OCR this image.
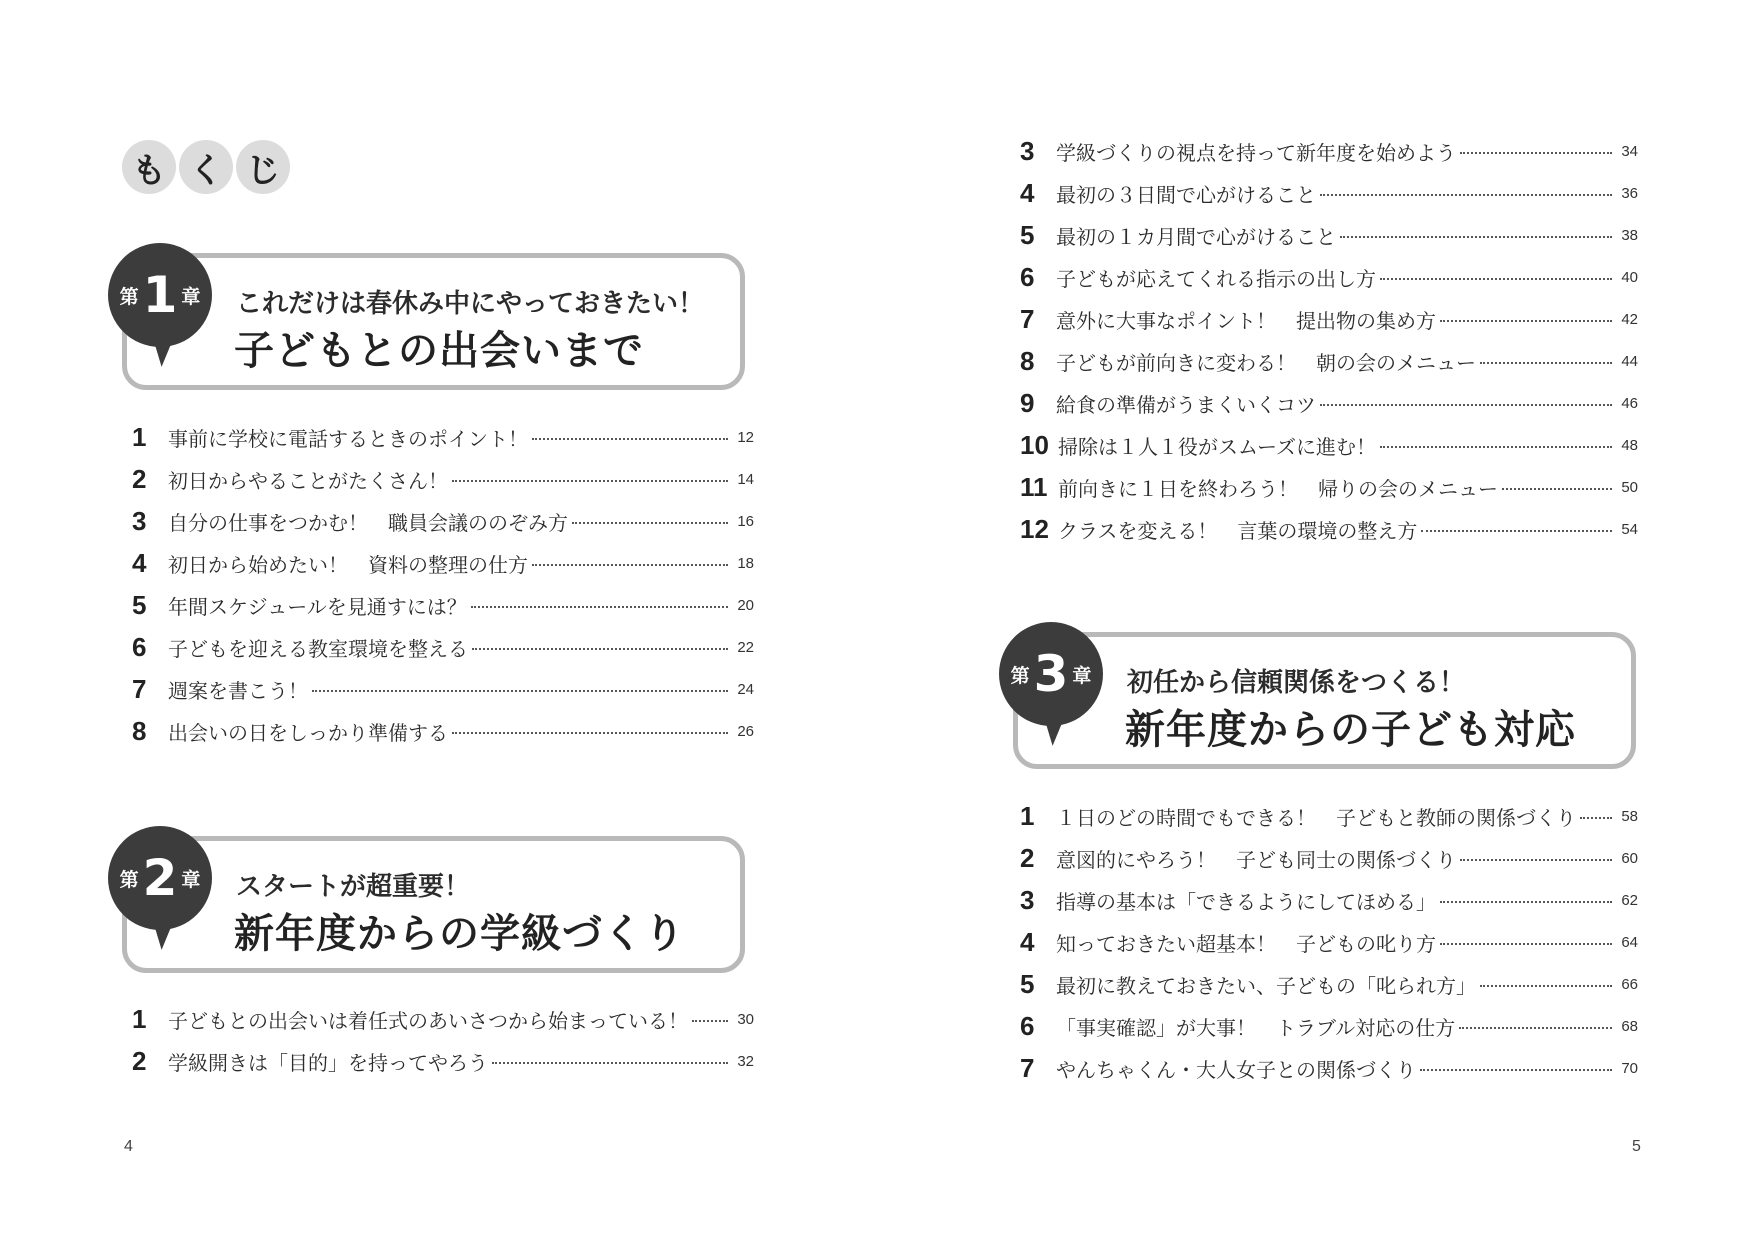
も く じ
第 1 章 これだけは春休み中にやっておきたい！
子どもとの出会いまで
1	事前に学校に電話するときのポイント！	12
2	初日からやることがたくさん！	14
3	自分の仕事をつかむ！　職員会議ののぞみ方	16
4	初日から始めたい！　資料の整理の仕方	18
5	年間スケジュールを見通すには？	20
6	子どもを迎える教室環境を整える	22
7	週案を書こう！	24
8	出会いの日をしっかり準備する	26
第 2 章 スタートが超重要！
新年度からの学級づくり
1	子どもとの出会いは着任式のあいさつから始まっている！	30
2	学級開きは「目的」を持ってやろう	32
4
3	学級づくりの視点を持って新年度を始めよう	34
4	最初の３日間で心がけること	36
5	最初の１カ月間で心がけること	38
6	子どもが応えてくれる指示の出し方	40
7	意外に大事なポイント！　提出物の集め方	42
8	子どもが前向きに変わる！　朝の会のメニュー	44
9	給食の準備がうまくいくコツ	46
10 掃除は１人１役がスムーズに進む！	48
11 前向きに１日を終わろう！　帰りの会のメニュー	50
12 クラスを変える！　言葉の環境の整え方	54
第 3 章 初任から信頼関係をつくる！
新年度からの子ども対応
1	１日のどの時間でもできる！　子どもと教師の関係づくり	58
2	意図的にやろう！　子ども同士の関係づくり	60
3	指導の基本は「できるようにしてほめる」	62
4	知っておきたい超基本！　子どもの叱り方	64
5	最初に教えておきたい、子どもの「叱られ方」	66
6	「事実確認」が大事！　トラブル対応の仕方	68
7	やんちゃくん・大人女子との関係づくり	70
5
